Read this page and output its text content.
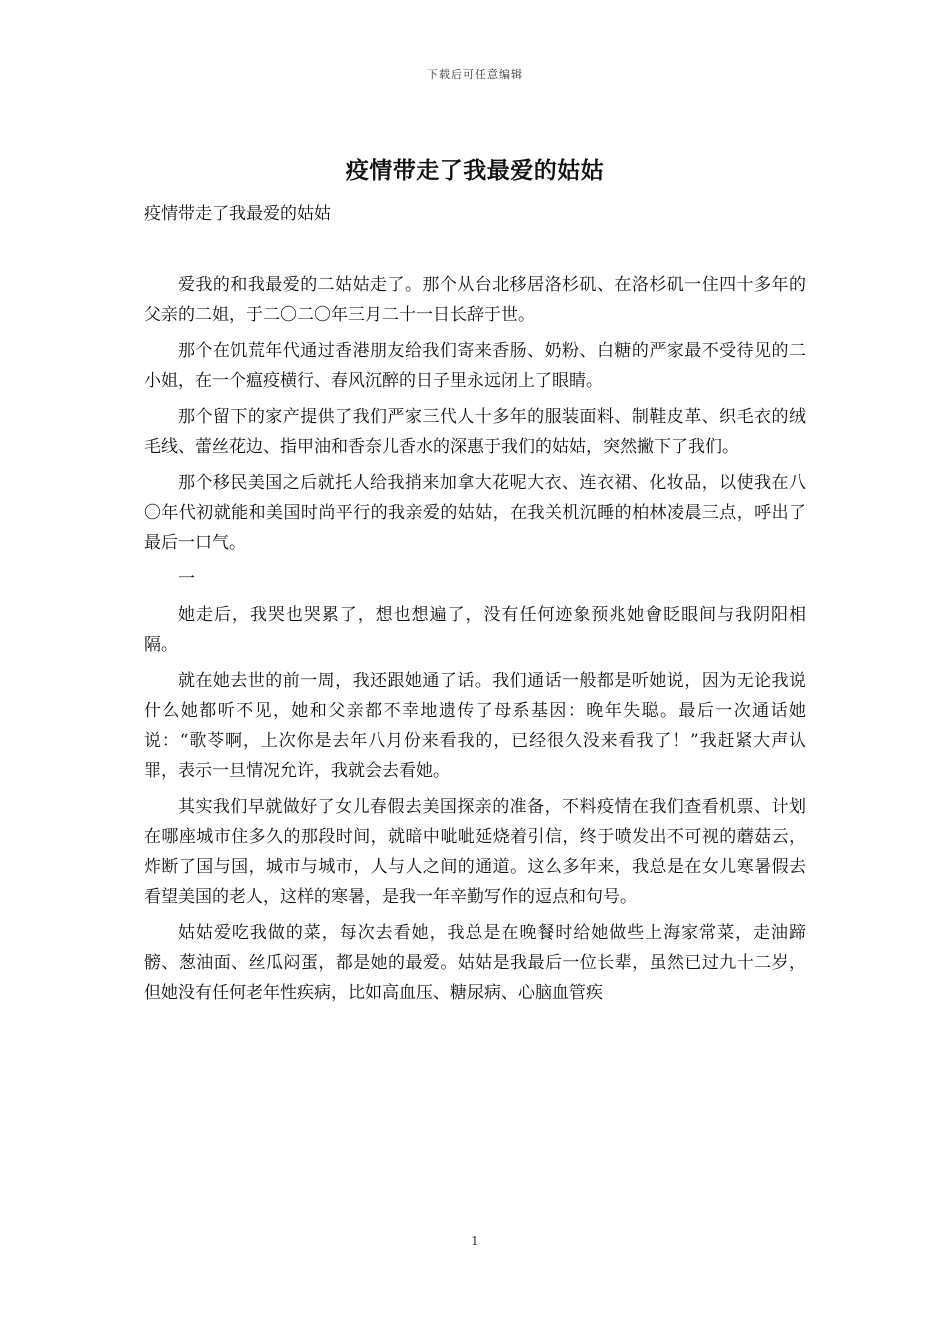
下载后可任意编辑
疫情带走了我最爱的姑姑

疫情带走了我最爱的姑姑

爱我的和我最爱的二姑姑走了。那个从台北移居洛杉矶、在洛杉矶一住四十多年的父亲的二姐，于二〇二〇年三月二十一日长辞于世。

那个在饥荒年代通过香港朋友给我们寄来香肠、奶粉、白糖的严家最不受待见的二小姐，在一个瘟疫横行、春风沉醉的日子里永远闭上了眼睛。

那个留下的家产提供了我们严家三代人十多年的服装面料、制鞋皮革、织毛衣的绒毛线、蕾丝花边、指甲油和香奈儿香水的深惠于我们的姑姑，突然撇下了我们。

那个移民美国之后就托人给我捎来加拿大花呢大衣、连衣裙、化妆品，以使我在八〇年代初就能和美国时尚平行的我亲爱的姑姑，在我关机沉睡的柏林凌晨三点，呼出了最后一口气。

一

她走后，我哭也哭累了，想也想遍了，没有任何迹象预兆她會眨眼间与我阴阳相隔。

就在她去世的前一周，我还跟她通了话。我们通话一般都是听她说，因为无论我说什么她都听不见，她和父亲都不幸地遗传了母系基因：晚年失聪。最后一次通话她说：“歌苓啊，上次你是去年八月份来看我的，已经很久没来看我了！”我赶紧大声认罪，表示一旦情况允许，我就会去看她。

其实我们早就做好了女儿春假去美国探亲的准备，不料疫情在我们查看机票、计划在哪座城市住多久的那段时间，就暗中呲呲延烧着引信，终于喷发出不可视的蘑菇云，炸断了国与国，城市与城市，人与人之间的通道。这么多年来，我总是在女儿寒暑假去看望美国的老人，这样的寒暑，是我一年辛勤写作的逗点和句号。

姑姑爱吃我做的菜，每次去看她，我总是在晚餐时给她做些上海家常菜，走油蹄髈、葱油面、丝瓜闷蛋，都是她的最爱。姑姑是我最后一位长辈，虽然已过九十二岁，但她没有任何老年性疾病，比如高血压、糖尿病、心脑血管疾

1
